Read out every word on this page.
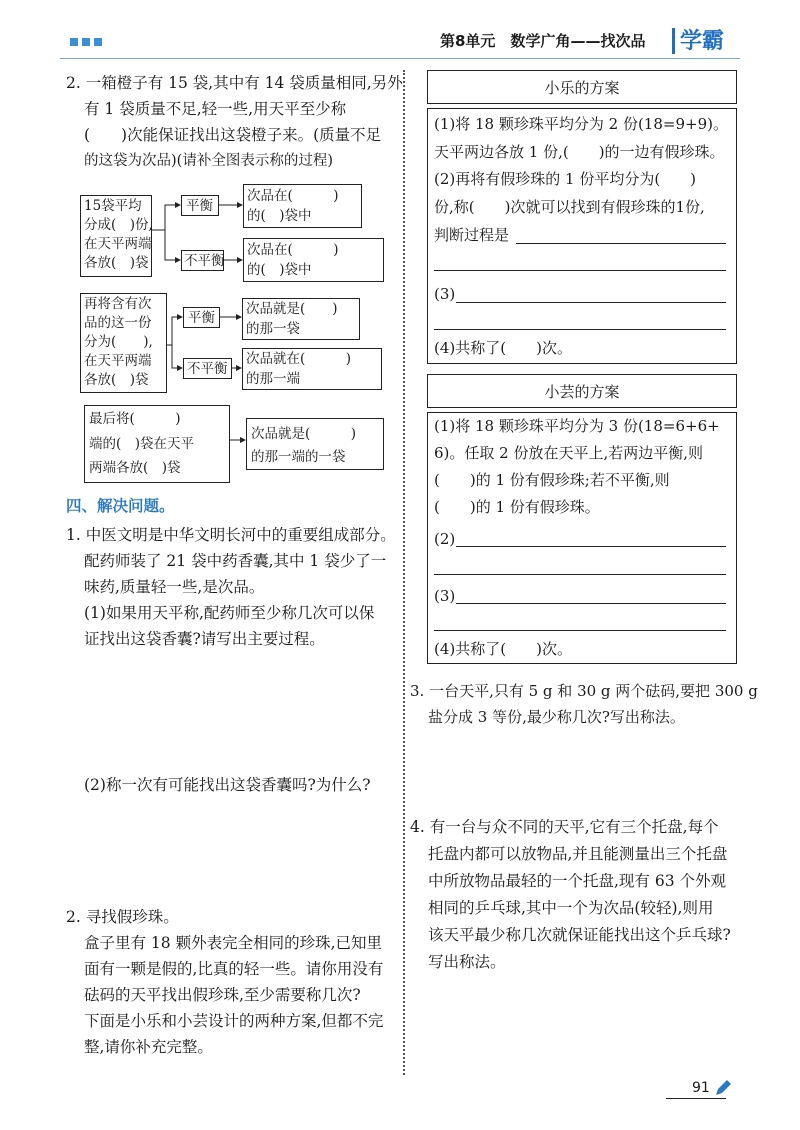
第8单元　数学广角——找次品 学霸
2. 一箱橙子有 15 袋,其中有 14 袋质量相同,另外
有 1 袋质量不足,轻一些,用天平至少称
(　　)次能保证找出这袋橙子来。(质量不足
的这袋为次品)(请补全图表示称的过程)
15袋平均
分成(　)份,
在天平两端
各放(　)袋
平衡
不平衡
次品在(　　　)
的(　)袋中
次品在(　　　)
的(　)袋中
再将含有次
品的这一份
分为(　　),
在天平两端
各放(　)袋
平衡
不平衡
次品就是(　　)
的那一袋
次品就在(　　　)
的那一端
最后将(　　　)
端的(　)袋在天平
两端各放(　)袋
次品就是(　　　)
的那一端的一袋
四、解决问题。
1. 中医文明是中华文明长河中的重要组成部分。
配药师装了 21 袋中药香囊,其中 1 袋少了一
味药,质量轻一些,是次品。
(1)如果用天平称,配药师至少称几次可以保
证找出这袋香囊?请写出主要过程。
(2)称一次有可能找出这袋香囊吗?为什么?
2. 寻找假珍珠。
盒子里有 18 颗外表完全相同的珍珠,已知里
面有一颗是假的,比真的轻一些。请你用没有
砝码的天平找出假珍珠,至少需要称几次?
下面是小乐和小芸设计的两种方案,但都不完
整,请你补充完整。
小乐的方案
(1)将 18 颗珍珠平均分为 2 份(18=9+9)。
天平两边各放 1 份,(　　)的一边有假珍珠。
(2)再将有假珍珠的 1 份平均分为(　　)
份,称(　　)次就可以找到有假珍珠的1份,
判断过程是
(3)
(4)共称了(　　)次。
小芸的方案
(1)将 18 颗珍珠平均分为 3 份(18=6+6+
6)。任取 2 份放在天平上,若两边平衡,则
(　　)的 1 份有假珍珠;若不平衡,则
(　　)的 1 份有假珍珠。
(2)
(3)
(4)共称了(　　)次。
3. 一台天平,只有 5 g 和 30 g 两个砝码,要把 300 g
盐分成 3 等份,最少称几次?写出称法。
4. 有一台与众不同的天平,它有三个托盘,每个
托盘内都可以放物品,并且能测量出三个托盘
中所放物品最轻的一个托盘,现有 63 个外观
相同的乒乓球,其中一个为次品(较轻),则用
该天平最少称几次就保证能找出这个乒乓球?
写出称法。
91
